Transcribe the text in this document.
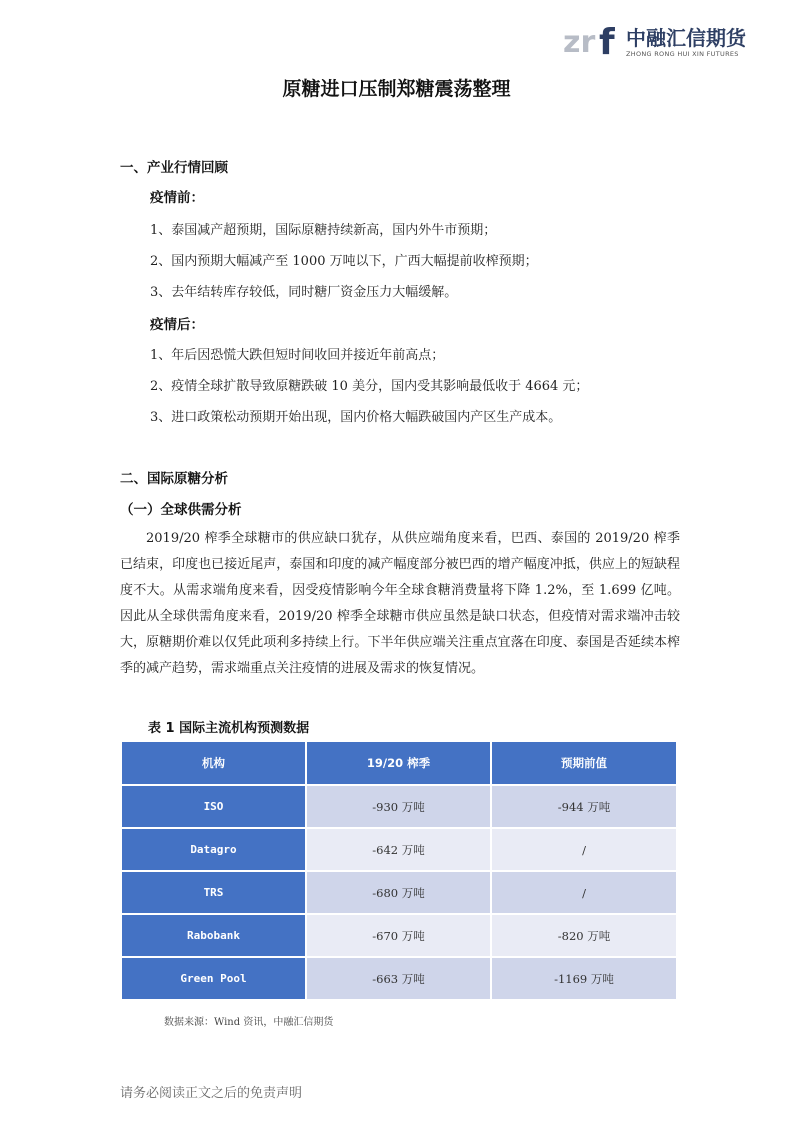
zr f 中融汇信期货
ZHONG RONG HUI XIN FUTURES
原糖进口压制郑糖震荡整理
一、产业行情回顾
疫情前：
1、泰国减产超预期，国际原糖持续新高，国内外牛市预期；
2、国内预期大幅减产至 1000 万吨以下，广西大幅提前收榨预期；
3、去年结转库存较低，同时糖厂资金压力大幅缓解。
疫情后：
1、年后因恐慌大跌但短时间收回并接近年前高点；
2、疫情全球扩散导致原糖跌破 10 美分，国内受其影响最低收于 4664 元；
3、进口政策松动预期开始出现，国内价格大幅跌破国内产区生产成本。
二、国际原糖分析
（一）全球供需分析
2019/20 榨季全球糖市的供应缺口犹存，从供应端角度来看，巴西、泰国的 2019/20 榨季已结束，印度也已接近尾声，泰国和印度的减产幅度部分被巴西的增产幅度冲抵，供应上的短缺程度不大。从需求端角度来看，因受疫情影响今年全球食糖消费量将下降 1.2%，至 1.699 亿吨。因此从全球供需角度来看，2019/20 榨季全球糖市供应虽然是缺口状态，但疫情对需求端冲击较大，原糖期价难以仅凭此项利多持续上行。下半年供应端关注重点宜落在印度、泰国是否延续本榨季的减产趋势，需求端重点关注疫情的进展及需求的恢复情况。
表 1 国际主流机构预测数据
机构	19/20 榨季	预期前值
ISO	-930 万吨	-944 万吨
Datagro	-642 万吨	/
TRS	-680 万吨	/
Rabobank	-670 万吨	-820 万吨
Green Pool	-663 万吨	-1169 万吨
数据来源：Wind 资讯，中融汇信期货
请务必阅读正文之后的免责声明
